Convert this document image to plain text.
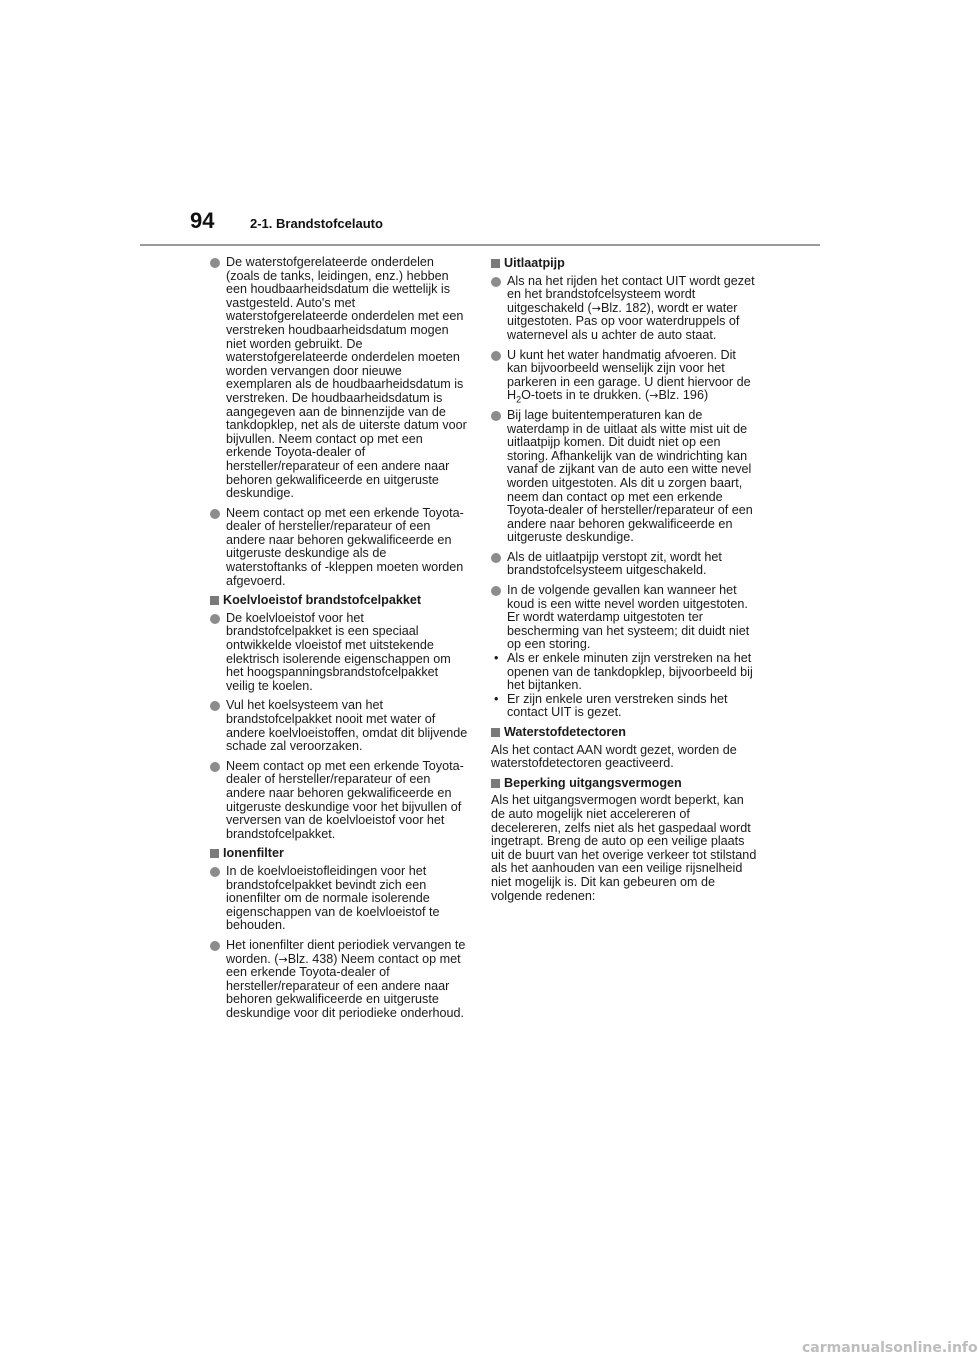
94	2-1. Brandstofcelauto
De waterstofgerelateerde onderdelen (zoals de tanks, leidingen, enz.) hebben een houdbaarheidsdatum die wettelijk is vastgesteld. Auto's met waterstofgerelateerde onderdelen met een verstreken houdbaarheidsdatum mogen niet worden gebruikt. De waterstofgerelateerde onderdelen moeten worden vervangen door nieuwe exemplaren als de houdbaarheidsdatum is verstreken. De houdbaarheidsdatum is aangegeven aan de binnenzijde van de tankdopklep, net als de uiterste datum voor bijvullen. Neem contact op met een erkende Toyota-dealer of hersteller/reparateur of een andere naar behoren gekwalificeerde en uitgeruste deskundige.
Neem contact op met een erkende Toyota-dealer of hersteller/reparateur of een andere naar behoren gekwalificeerde en uitgeruste deskundige als de waterstoftanks of -kleppen moeten worden afgevoerd.
Koelvloeistof brandstofcelpakket
De koelvloeistof voor het brandstofcelpakket is een speciaal ontwikkelde vloeistof met uitstekende elektrisch isolerende eigenschappen om het hoogspanningsbrandstofcelpakket veilig te koelen.
Vul het koelsysteem van het brandstofcelpakket nooit met water of andere koelvloeistoffen, omdat dit blijvende schade zal veroorzaken.
Neem contact op met een erkende Toyota-dealer of hersteller/reparateur of een andere naar behoren gekwalificeerde en uitgeruste deskundige voor het bijvullen of verversen van de koelvloeistof voor het brandstofcelpakket.
Ionenfilter
In de koelvloeistofleidingen voor het brandstofcelpakket bevindt zich een ionenfilter om de normale isolerende eigenschappen van de koelvloeistof te behouden.
Het ionenfilter dient periodiek vervangen te worden. (→Blz. 438) Neem contact op met een erkende Toyota-dealer of hersteller/reparateur of een andere naar behoren gekwalificeerde en uitgeruste deskundige voor dit periodieke onderhoud.
Uitlaatpijp
Als na het rijden het contact UIT wordt gezet en het brandstofcelsysteem wordt uitgeschakeld (→Blz. 182), wordt er water uitgestoten. Pas op voor waterdruppels of waternevel als u achter de auto staat.
U kunt het water handmatig afvoeren. Dit kan bijvoorbeeld wenselijk zijn voor het parkeren in een garage. U dient hiervoor de $H_2O$-toets in te drukken. (→Blz. 196)
Bij lage buitentemperaturen kan de waterdamp in de uitlaat als witte mist uit de uitlaatpijp komen. Dit duidt niet op een storing. Afhankelijk van de windrichting kan vanaf de zijkant van de auto een witte nevel worden uitgestoten. Als dit u zorgen baart, neem dan contact op met een erkende Toyota-dealer of hersteller/reparateur of een andere naar behoren gekwalificeerde en uitgeruste deskundige.
Als de uitlaatpijp verstopt zit, wordt het brandstofcelsysteem uitgeschakeld.
In de volgende gevallen kan wanneer het koud is een witte nevel worden uitgestoten. Er wordt waterdamp uitgestoten ter bescherming van het systeem; dit duidt niet op een storing.
• Als er enkele minuten zijn verstreken na het openen van de tankdopklep, bijvoorbeeld bij het bijtanken.
• Er zijn enkele uren verstreken sinds het contact UIT is gezet.
Waterstofdetectoren
Als het contact AAN wordt gezet, worden de waterstofdetectoren geactiveerd.
Beperking uitgangsvermogen
Als het uitgangsvermogen wordt beperkt, kan de auto mogelijk niet accelereren of decelereren, zelfs niet als het gaspedaal wordt ingetrapt. Breng de auto op een veilige plaats uit de buurt van het overige verkeer tot stilstand als het aanhouden van een veilige rijsnelheid niet mogelijk is. Dit kan gebeuren om de volgende redenen:
carmanualsonline.info
